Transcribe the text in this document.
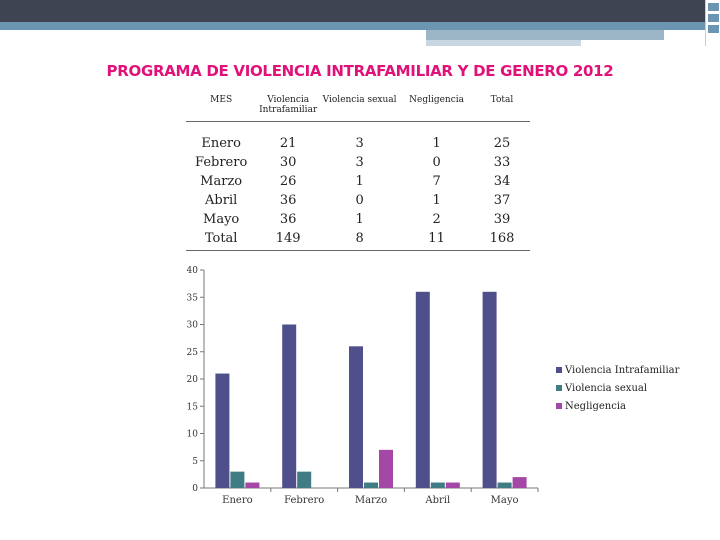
PROGRAMA DE VIOLENCIA INTRAFAMILIAR Y DE GENERO 2012
MES	Violencia Intrafamiliar	Violencia sexual	Negligencia	Total
Enero	21	3	1	25
Febrero	30	3	0	33
Marzo	26	1	7	34
Abril	36	0	1	37
Mayo	36	1	2	39
Total	149	8	11	168
0
5
10
15
20
25
30
35
40
Enero	Febrero	Marzo	Abril	Mayo
Violencia Intrafamiliar
Violencia sexual
Negligencia
